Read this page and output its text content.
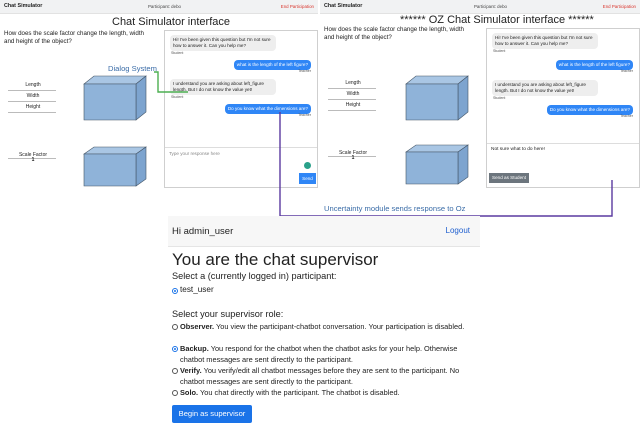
Chat Simulator	Participant: debo	End Participation
How does the scale factor change the length, width and height of the object?
Length
Width
Height
Scale Factor
1
Hi! I've been given this question but I'm not sure how to answer it. Can you help me?
Student
what is the length of the left figure?
Teacher
I understand you are asking about left_figure length. But I do not know the value yet!
Student
Do you know what the dimensions are?
Teacher
Type your response here
Send
Chat Simulator interface
Dialog System
Chat Simulator	Participant: debo	End Participation
How does the scale factor change the length, width and height of the object?
Length
Width
Height
Scale Factor
1
Hi! I've been given this question but I'm not sure how to answer it. Can you help me?
Student
what is the length of the left figure?
Teacher
I understand you are asking about left_figure length. But I do not know the value yet!
Student
Do you know what the dimensions are?
Teacher
Not sure what to do here!
Send as Student
****** OZ Chat Simulator interface ******
Uncertainty module sends response to Oz
Hi admin_user	Logout
You are the chat supervisor
Select a (currently logged in) participant:
test_user
Select your supervisor role:
Observer. You view the participant-chatbot conversation. Your participation is disabled.
Backup. You respond for the chatbot when the chatbot asks for your help. Otherwise chatbot messages are sent directly to the participant.
Verify. You verify/edit all chatbot messages before they are sent to the participant. No chatbot messages are sent directly to the participant.
Solo. You chat directly with the participant. The chatbot is disabled.
Begin as supervisor
